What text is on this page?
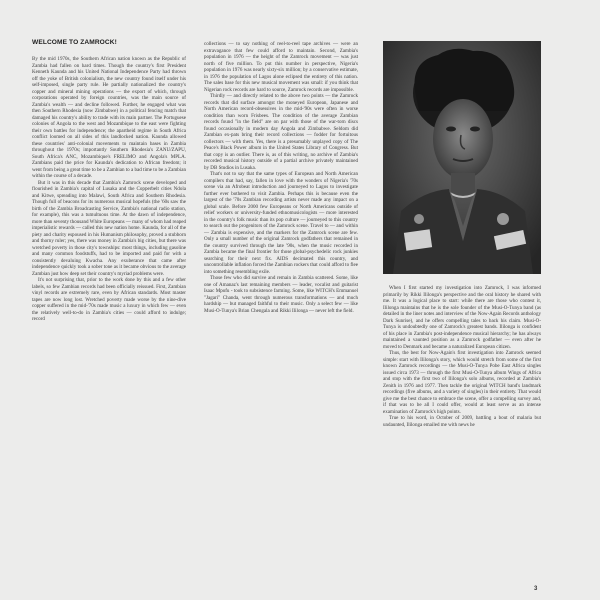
WELCOME TO ZAMROCK!

By the mid 1970s, the Southern African nation known as the Republic of Zambia had fallen on hard times. Though the country's first President Kenneth Kaunda and his United National Independence Party had thrown off the yoke of British colonialism, the new country found itself under his self-imposed, single party rule. He partially nationalized the country's copper and mineral mining operations — the export of which, through corporations operated by foreign countries, was the main source of Zambia's wealth — and decline followed. Further, he engaged what was then Southern Rhodesia (now Zimbabwe) in a political fencing match that damaged his country's ability to trade with its main partner. The Portuguese colonies of Angola to the west and Mozambique to the east were fighting their own battles for independence; the apartheid regime in South Africa conflict loomed on all sides of this landlocked nation. Kaunda allowed these countries' anti-colonial movements to maintain bases in Zambia throughout the 1970s; importantly Southern Rhodesia's ZANU/ZAPU, South Africa's ANC, Mozambique's FRELIMO and Angola's MPLA. Zambians paid the price for Kaunda's dedication to African freedom; it went from being a great time to be a Zambian to a bad time to be a Zambian within the course of a decade.

But it was in this decade that Zambia's Zamrock scene developed and flourished in Zambia's capital of Lusaka and the Copperbelt cities Ndola and Kitwe, spreading into Malawi, South Africa and Southern Rhodesia. Though full of beacons for its numerous musical hopefuls (the '60s saw the birth of the Zambia Broadcasting Service, Zambia's national radio station, for example), this was a tumultuous time. At the dawn of independence, more than seventy thousand White Europeans — many of whom had reaped imperialistic rewards — called this new nation home. Kaunda, for all of the piety and charity espoused in his Humanism philosophy, proved a stubborn and thorny ruler; yes, there was money in Zambia's big cities, but there was wretched poverty in those city's townships: most things, including gasoline and many common foodstuffs, had to be imported and paid for with a consistently devaluing Kwacha. Any exuberance that came after independence quickly took a sober tone as it became obvious to the average Zambian just how deep set their country's myriad problems were.

It's not surprising that, prior to the work done by this and a few other labels, so few Zambian records had been officially reissued. First, Zambian vinyl records are extremely rare, even by African standards. Most master tapes are now long lost. Wretched poverty made worse by the nine-dive copper suffered in the mid-'70s made music a luxury in which few — even the relatively well-to-do in Zambia's cities — could afford to indulge; record

collections — to say nothing of reel-to-reel tape archives — were an extravagance that few could afford to maintain. Second, Zambia's population in 1976 — the height of the Zamrock movement — was just north of five million. To put this number in perspective, Nigeria's population in 1976 was nearly sixty-six million; by a conservative estimate, in 1976 the population of Lagos alone eclipsed the entirety of this nation. The sales base for this new musical movement was small: if you think that Nigerian rock records are hard to source, Zamrock records are impossible.

Thirdly — and directly related to the above two points — the Zamrock records that did surface amongst the moneyed European, Japanese and North American record-obsessives in the mid-'90s were often in worse condition than worn Frisbees. The condition of the average Zambian records found "in the field" are on par with those of the war-torn discs found occasionally in modern day Angola and Zimbabwe. Seldom did Zambian ex-pats bring their record collections — fodder for fortuitous collectors — with them. Yes, there is a presumably unplayed copy of The Peace's Black Power album in the United States Library of Congress. But that copy is an outlier. There is, as of this writing, no archive of Zambia's recorded musical history outside of a partial archive privately maintained by DB Studios in Lusaka.

That's not to say that the same types of European and North American compilers that had, say, fallen in love with the wonders of Nigeria's '70s scene via an Afrobeat introduction and journeyed to Lagos to investigate further ever bothered to visit Zambia. Perhaps this is because even the largest of the '70s Zambian recording artists never made any impact on a global scale. Before 2000 few Europeans or North Americans outside of relief workers or university-funded ethnomusicologists — more interested in the country's folk music than its pop culture — journeyed to this country to search out the progenitors of the Zamrock scene. Travel to — and within — Zambia is expensive, and the markers for the Zamrock scene are few. Only a small number of the original Zamrock godfathers that remained in the country survived through the late '90s, when the music recorded in Zambia became the final frontier for those global-psychedelic rock junkies searching for their next fix. AIDS decimated this country, and uncontrollable inflation forced the Zambian rockers that could afford to flee into something resembling exile.

Those few who did survive and remain in Zambia scattered. Some, like one of Amanaz's last remaining members — leader, vocalist and guitarist Isaac Mpofu - took to subsistence farming. Some, like WITCH's Emmanuel "Jagari" Chanda, went through numerous transformations — and much hardship — but managed faithful to their music. Only a select few — like Musi-O-Tunya's Brian Chengala and Rikki Ililonga — never left the field.

When I first started my investigation into Zamrock, I was informed primarily by Rikki Ililonga's perspective and the oral history he shared with me. It was a logical place to start: while there are those who contest it, Ililonga maintains that he is the sole founder of the Musi-O-Tunya band (as detailed in the liner notes and interview of the Now-Again Records anthology Dark Sunrise), and he offers compelling tales to back his claim. Musi-O-Tunya is undoubtedly one of Zamrock's greatest bands. Ililonga is confident of his place in Zambia's post-independence musical hierarchy; he has always maintained a vaunted position as a Zamrock godfather — even after he moved to Denmark and became a naturalized European citizen.

Thus, the best for Now-Again's first investigation into Zamrock seemed simple: start with Ililonga's story, which would stretch from some of the first known Zamrock recordings — the Musi-O-Tunya Pobe East Africa singles issued circa 1973 — through the first Musi-O-Tunya album Wings of Africa and stop with the first two of Ililonga's solo albums, recorded at Zambia's Zenith in 1976 and 1977. Then tackle the original WITCH band's landmark recordings (five albums, and a variety of singles) in their entirety. That would give me the best chance to embrace the scene, offer a compelling survey and, if that was to be all I could offer, would at least serve as an intense examination of Zamrock's high points.

True to his word, in October of 2009, battling a bout of malaria but undaunted, Ililonga emailed me with news he

3
